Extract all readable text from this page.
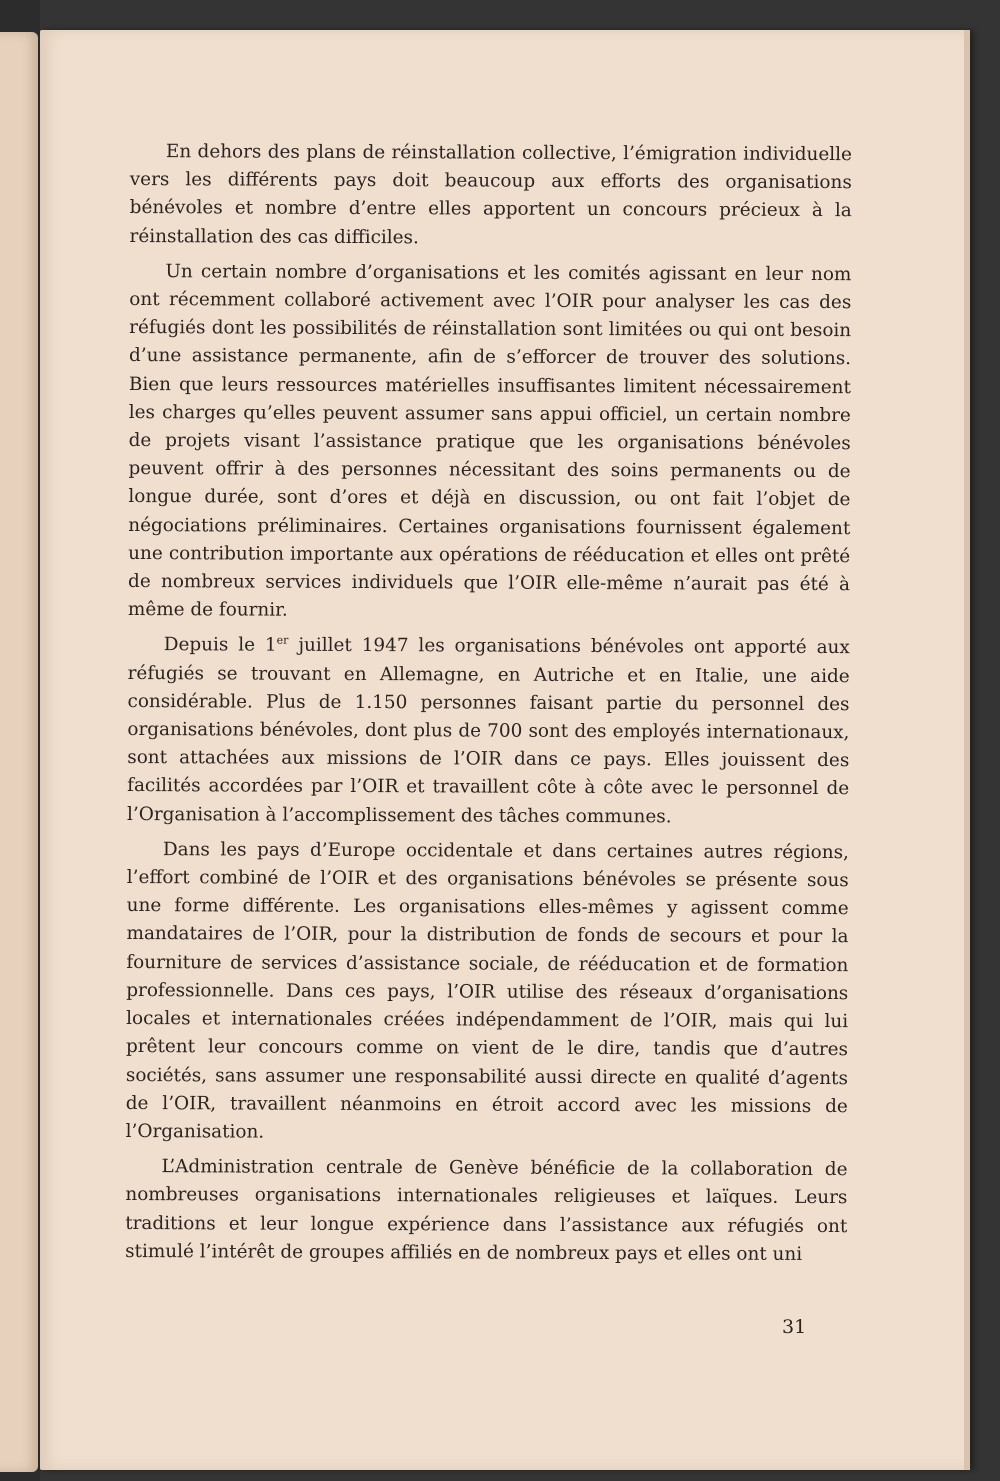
En dehors des plans de réinstallation collective, l’émigration individuelle vers les différents pays doit beaucoup aux efforts des organisations bénévoles et nombre d’entre elles apportent un concours précieux à la réinstallation des cas difficiles.

Un certain nombre d’organisations et les comités agissant en leur nom ont récemment collaboré activement avec l’OIR pour analyser les cas des réfugiés dont les possibilités de réinstallation sont limitées ou qui ont besoin d’une assistance permanente, afin de s’efforcer de trouver des solutions. Bien que leurs ressources matérielles insuffisantes limitent nécessairement les charges qu’elles peuvent assumer sans appui officiel, un certain nombre de projets visant l’assistance pratique que les organisations bénévoles peuvent offrir à des personnes nécessitant des soins permanents ou de longue durée, sont d’ores et déjà en discussion, ou ont fait l’objet de négociations préliminaires. Certaines organisations fournissent également une contribution importante aux opérations de rééducation et elles ont prêté de nombreux services individuels que l’OIR elle-même n’aurait pas été à même de fournir.

Depuis le 1er juillet 1947 les organisations bénévoles ont apporté aux réfugiés se trouvant en Allemagne, en Autriche et en Italie, une aide considérable. Plus de 1.150 personnes faisant partie du personnel des organisations bénévoles, dont plus de 700 sont des employés internationaux, sont attachées aux missions de l’OIR dans ce pays. Elles jouissent des facilités accordées par l’OIR et travaillent côte à côte avec le personnel de l’Organisation à l’accomplissement des tâches communes.

Dans les pays d’Europe occidentale et dans certaines autres régions, l’effort combiné de l’OIR et des organisations bénévoles se présente sous une forme différente. Les organisations elles-mêmes y agissent comme mandataires de l’OIR, pour la distribution de fonds de secours et pour la fourniture de services d’assistance sociale, de rééducation et de formation professionnelle. Dans ces pays, l’OIR utilise des réseaux d’organisations locales et internationales créées indépendamment de l’OIR, mais qui lui prêtent leur concours comme on vient de le dire, tandis que d’autres sociétés, sans assumer une responsabilité aussi directe en qualité d’agents de l’OIR, travaillent néanmoins en étroit accord avec les missions de l’Organisation.

L’Administration centrale de Genève bénéficie de la collaboration de nombreuses organisations internationales religieuses et laïques. Leurs traditions et leur longue expérience dans l’assistance aux réfugiés ont stimulé l’intérêt de groupes affiliés en de nombreux pays et elles ont uni

31
